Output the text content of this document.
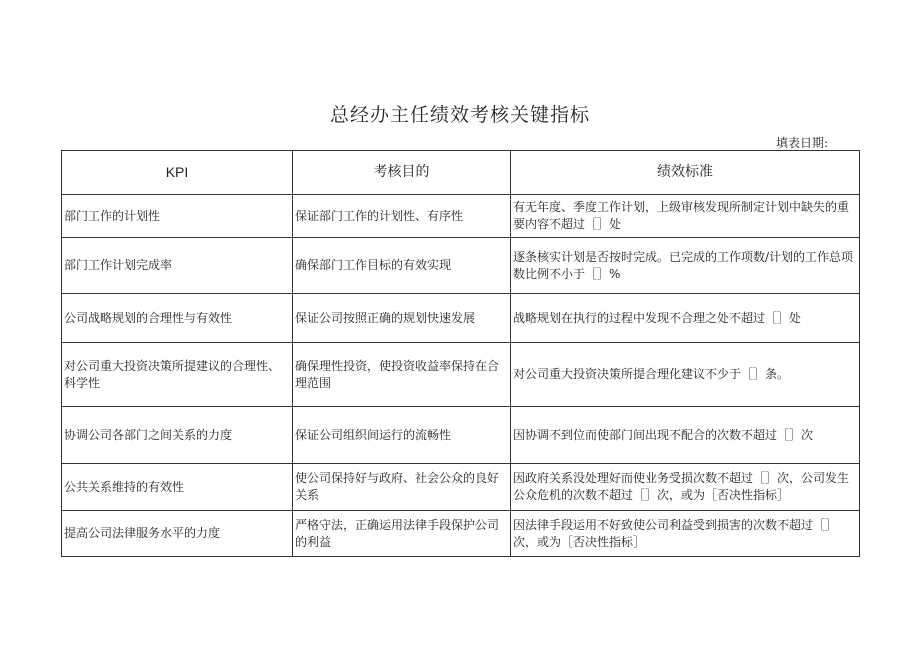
总经办主任绩效考核关键指标
填表日期:
KPI	考核目的	绩效标准
部门工作的计划性	保证部门工作的计划性、有序性	有无年度、季度工作计划，上级审核发现所制定计划中缺失的重要内容不超过［］处
部门工作计划完成率	确保部门工作目标的有效实现	逐条核实计划是否按时完成。已完成的工作项数/计划的工作总项数比例不小于［］%
公司战略规划的合理性与有效性	保证公司按照正确的规划快速发展	战略规划在执行的过程中发现不合理之处不超过［］处
对公司重大投资决策所提建议的合理性、科学性	确保理性投资，使投资收益率保持在合理范围	对公司重大投资决策所提合理化建议不少于［］条。
协调公司各部门之间关系的力度	保证公司组织间运行的流畅性	因协调不到位而使部门间出现不配合的次数不超过［］次
公共关系维持的有效性	使公司保持好与政府、社会公众的良好关系	因政府关系没处理好而使业务受损次数不超过［］次，公司发生公众危机的次数不超过［］次，或为［否决性指标］
提高公司法律服务水平的力度	严格守法，正确运用法律手段保护公司的利益	因法律手段运用不好致使公司利益受到损害的次数不超过［］次，或为［否决性指标］
